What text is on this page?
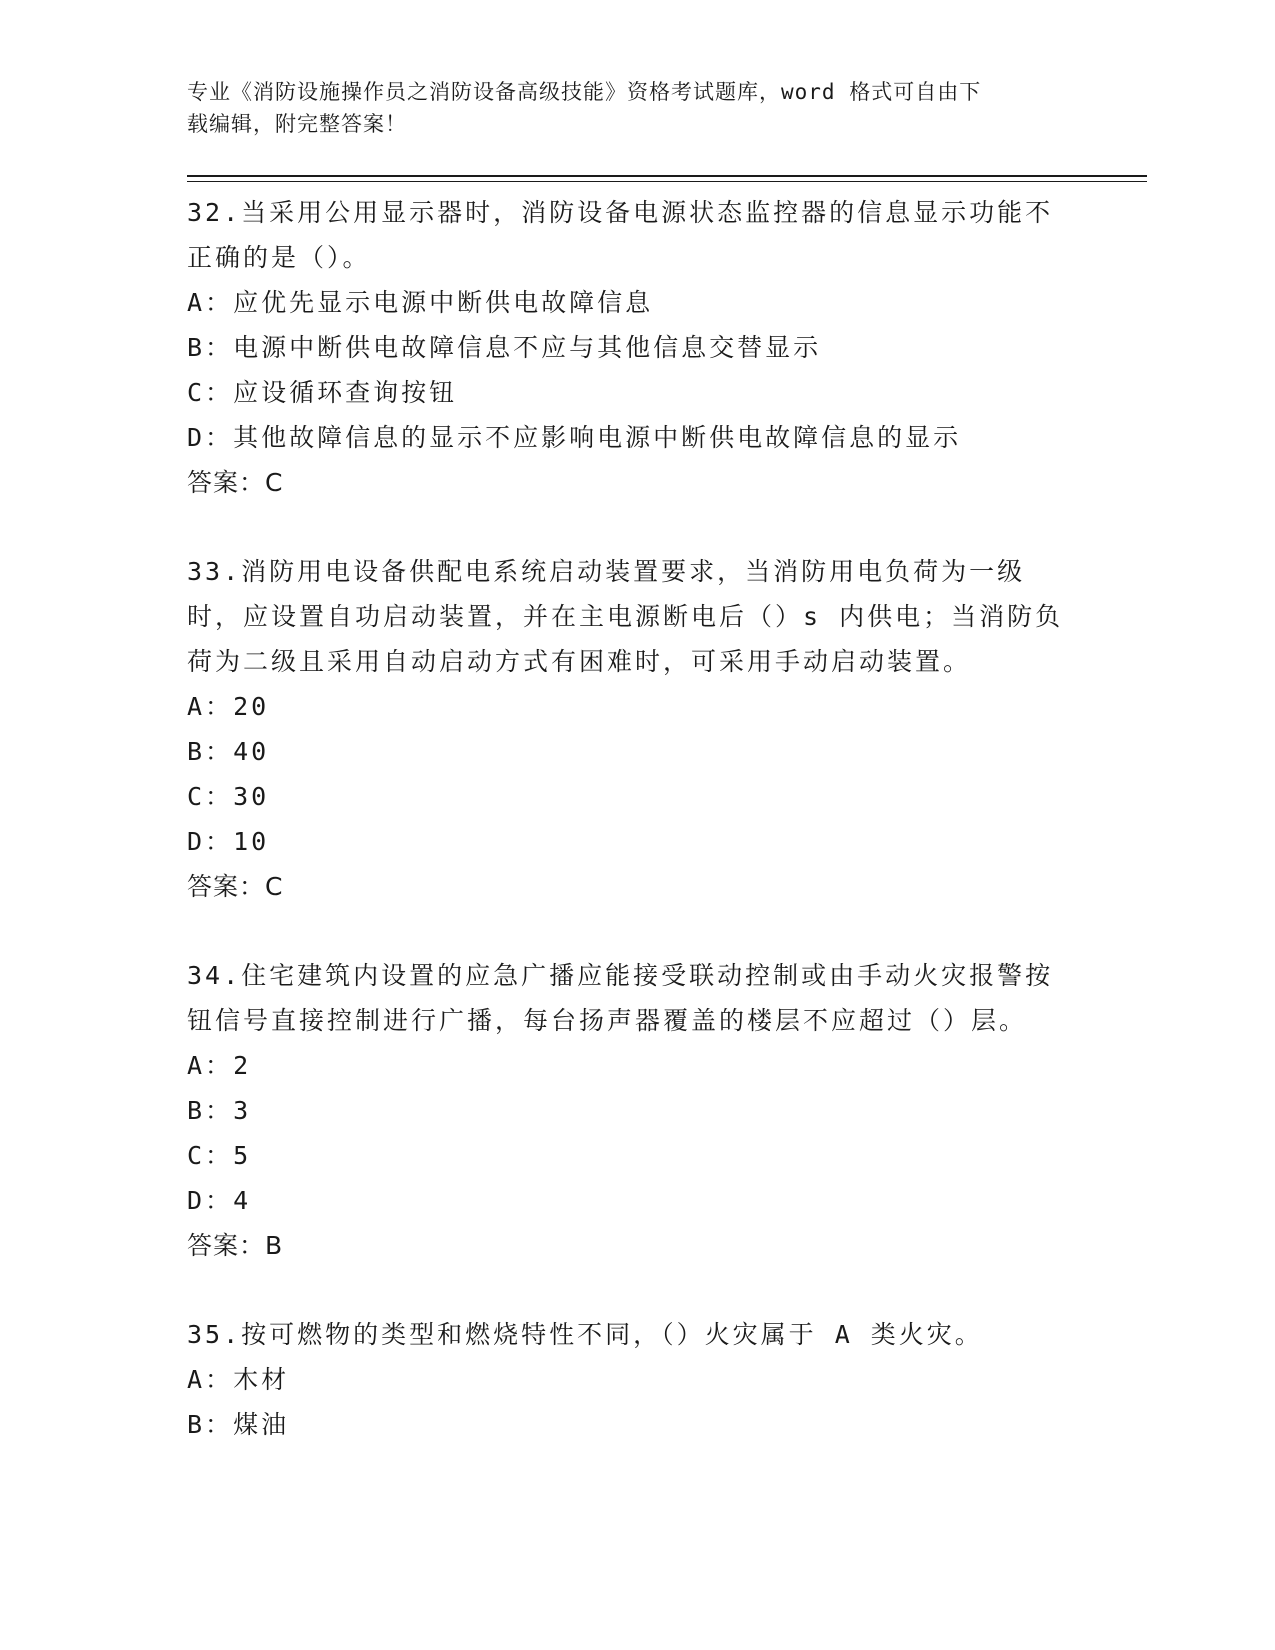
专业《消防设施操作员之消防设备高级技能》资格考试题库，word 格式可自由下
载编辑，附完整答案！

32.当采用公用显示器时，消防设备电源状态监控器的信息显示功能不正确的是（）。

A： 应优先显示电源中断供电故障信息
B： 电源中断供电故障信息不应与其他信息交替显示
C： 应设循环查询按钮
D： 其他故障信息的显示不应影响电源中断供电故障信息的显示
答案： C

33.消防用电设备供配电系统启动装置要求，当消防用电负荷为一级时，应设置自功启动装置，并在主电源断电后（）s 内供电；当消防负荷为二级且采用自动启动方式有困难时，可采用手动启动装置。

A： 20
B： 40
C： 30
D： 10
答案： C

34.住宅建筑内设置的应急广播应能接受联动控制或由手动火灾报警按钮信号直接控制进行广播，每台扬声器覆盖的楼层不应超过（）层。

A： 2
B： 3
C： 5
D： 4
答案： B

35.按可燃物的类型和燃烧特性不同，（）火灾属于 A 类火灾。

A： 木材
B： 煤油
